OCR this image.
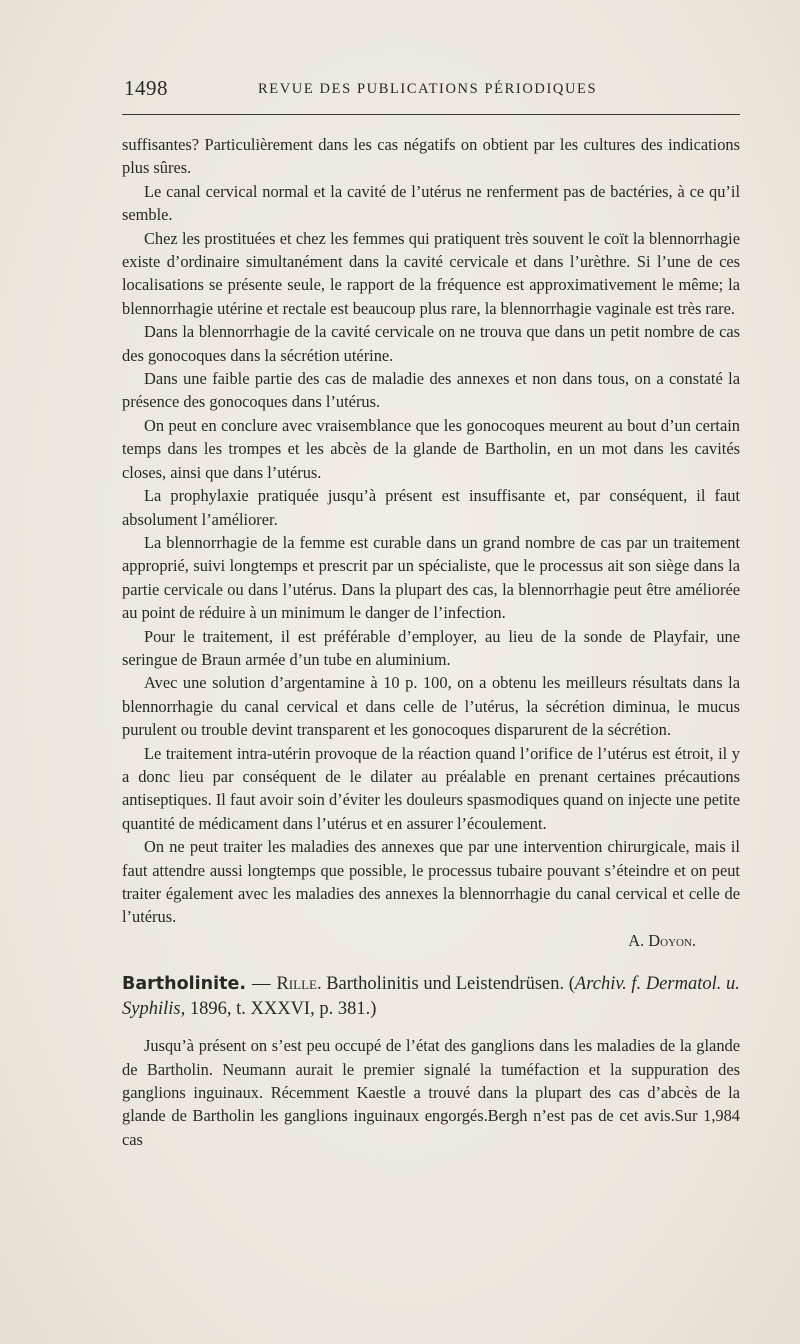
1498	REVUE DES PUBLICATIONS PÉRIODIQUES

suffisantes? Particulièrement dans les cas négatifs on obtient par les cultures des indications plus sûres.

Le canal cervical normal et la cavité de l’utérus ne renferment pas de bactéries, à ce qu’il semble.

Chez les prostituées et chez les femmes qui pratiquent très souvent le coït la blennorrhagie existe d’ordinaire simultanément dans la cavité cervicale et dans l’urèthre. Si l’une de ces localisations se présente seule, le rapport de la fréquence est approximativement le même; la blennorrhagie utérine et rectale est beaucoup plus rare, la blennorrhagie vaginale est très rare.

Dans la blennorrhagie de la cavité cervicale on ne trouva que dans un petit nombre de cas des gonocoques dans la sécrétion utérine.

Dans une faible partie des cas de maladie des annexes et non dans tous, on a constaté la présence des gonocoques dans l’utérus.

On peut en conclure avec vraisemblance que les gonocoques meurent au bout d’un certain temps dans les trompes et les abcès de la glande de Bartholin, en un mot dans les cavités closes, ainsi que dans l’utérus.

La prophylaxie pratiquée jusqu’à présent est insuffisante et, par conséquent, il faut absolument l’améliorer.

La blennorrhagie de la femme est curable dans un grand nombre de cas par un traitement approprié, suivi longtemps et prescrit par un spécialiste, que le processus ait son siège dans la partie cervicale ou dans l’utérus. Dans la plupart des cas, la blennorrhagie peut être améliorée au point de réduire à un minimum le danger de l’infection.

Pour le traitement, il est préférable d’employer, au lieu de la sonde de Playfair, une seringue de Braun armée d’un tube en aluminium.

Avec une solution d’argentamine à 10 p. 100, on a obtenu les meilleurs résultats dans la blennorrhagie du canal cervical et dans celle de l’utérus, la sécrétion diminua, le mucus purulent ou trouble devint transparent et les gonocoques disparurent de la sécrétion.

Le traitement intra-utérin provoque de la réaction quand l’orifice de l’utérus est étroit, il y a donc lieu par conséquent de le dilater au préalable en prenant certaines précautions antiseptiques. Il faut avoir soin d’éviter les douleurs spasmodiques quand on injecte une petite quantité de médicament dans l’utérus et en assurer l’écoulement.

On ne peut traiter les maladies des annexes que par une intervention chirurgicale, mais il faut attendre aussi longtemps que possible, le processus tubaire pouvant s’éteindre et on peut traiter également avec les maladies des annexes la blennorrhagie du canal cervical et celle de l’utérus.

A. Doyon.

Bartholinite. — Rille. Bartholinitis und Leistendrüsen. (Archiv. f. Dermatol. u. Syphilis, 1896, t. XXXVI, p. 381.)

Jusqu’à présent on s’est peu occupé de l’état des ganglions dans les maladies de la glande de Bartholin. Neumann aurait le premier signalé la tuméfaction et la suppuration des ganglions inguinaux. Récemment Kaestle a trouvé dans la plupart des cas d’abcès de la glande de Bartholin les ganglions inguinaux engorgés.Bergh n’est pas de cet avis.Sur 1,984 cas
